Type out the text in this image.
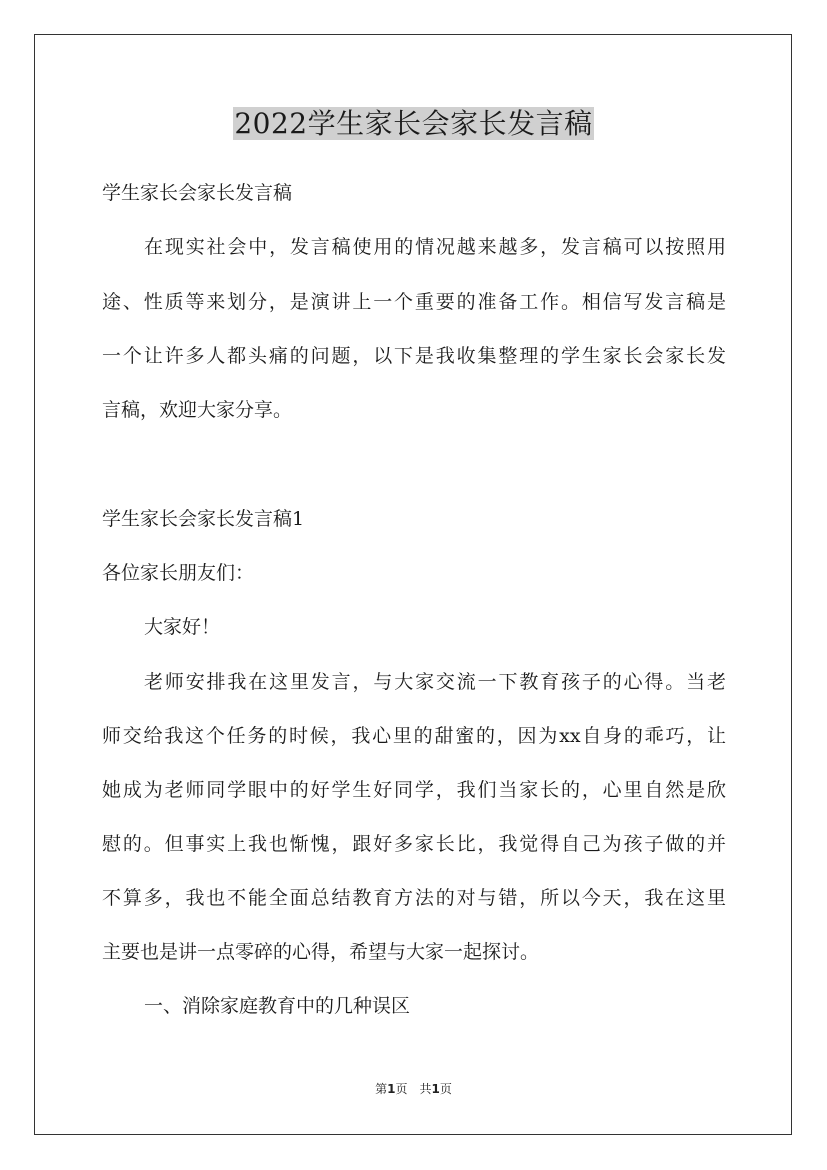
2022学生家长会家长发言稿

学生家长会家长发言稿

在现实社会中，发言稿使用的情况越来越多，发言稿可以按照用

途、性质等来划分，是演讲上一个重要的准备工作。相信写发言稿是

一个让许多人都头痛的问题，以下是我收集整理的学生家长会家长发

言稿，欢迎大家分享。

学生家长会家长发言稿1

各位家长朋友们：

大家好！

老师安排我在这里发言，与大家交流一下教育孩子的心得。当老

师交给我这个任务的时候，我心里的甜蜜的，因为xx自身的乖巧，让

她成为老师同学眼中的好学生好同学，我们当家长的，心里自然是欣

慰的。但事实上我也惭愧，跟好多家长比，我觉得自己为孩子做的并

不算多，我也不能全面总结教育方法的对与错，所以今天，我在这里

主要也是讲一点零碎的心得，希望与大家一起探讨。

一、消除家庭教育中的几种误区

第1页　共1页
